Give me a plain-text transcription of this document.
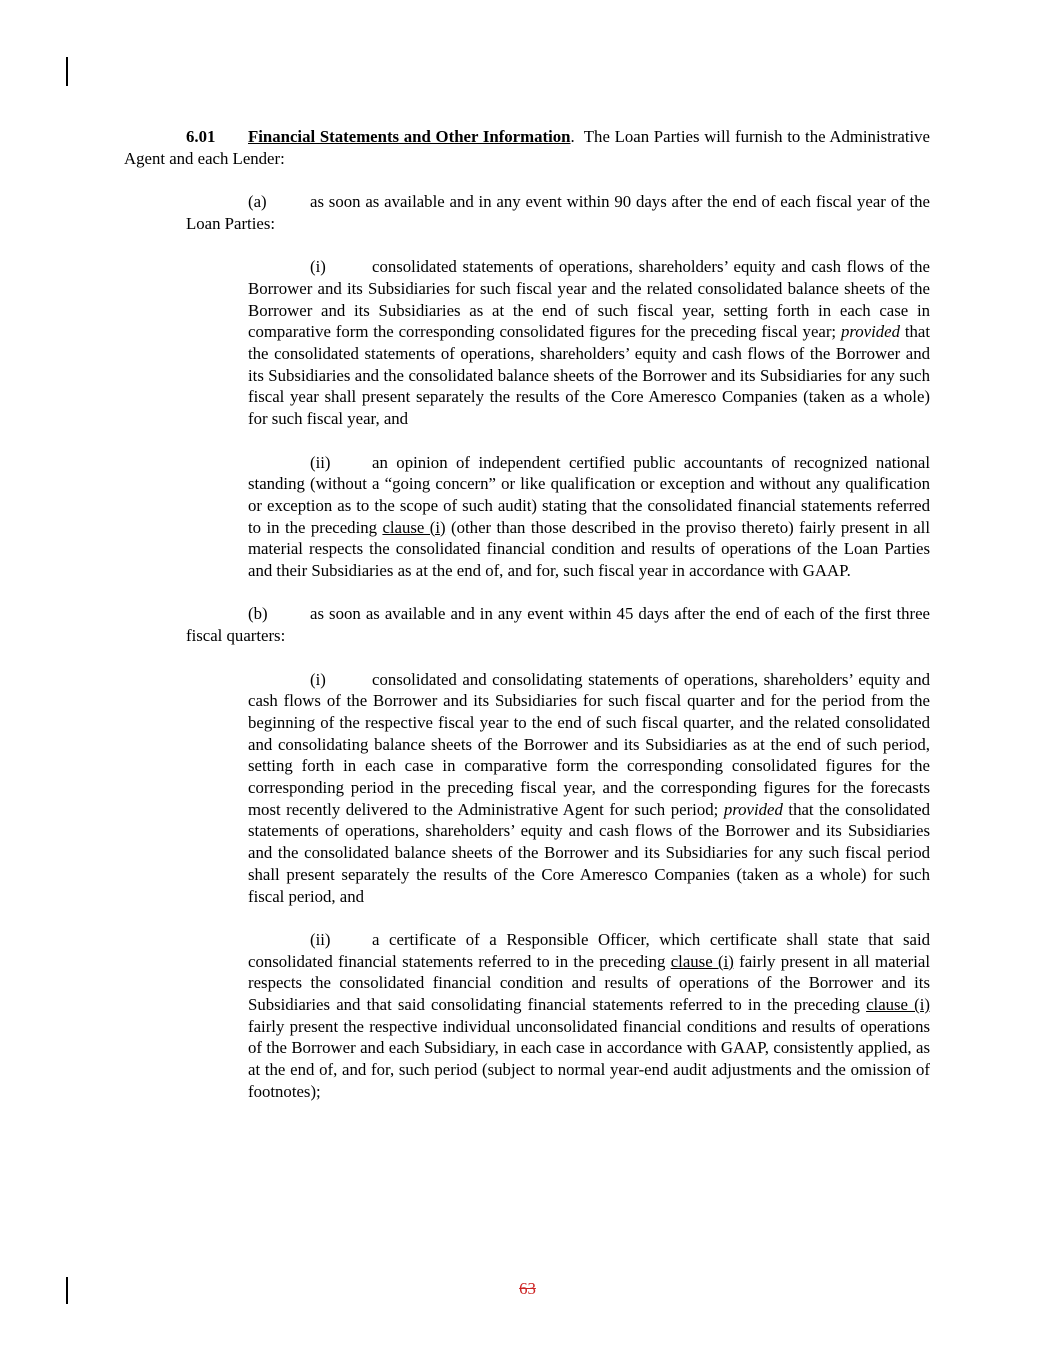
6.01 Financial Statements and Other Information.  The Loan Parties will furnish to the Administrative Agent and each Lender:

(a)	as soon as available and in any event within 90 days after the end of each fiscal year of the Loan Parties:

(i)	consolidated statements of operations, shareholders’ equity and cash flows of the Borrower and its Subsidiaries for such fiscal year and the related consolidated balance sheets of the Borrower and its Subsidiaries as at the end of such fiscal year, setting forth in each case in comparative form the corresponding consolidated figures for the preceding fiscal year; provided that the consolidated statements of operations, shareholders’ equity and cash flows of the Borrower and its Subsidiaries and the consolidated balance sheets of the Borrower and its Subsidiaries for any such fiscal year shall present separately the results of the Core Ameresco Companies (taken as a whole) for such fiscal year, and

(ii) an opinion of independent certified public accountants of recognized national standing (without a “going concern” or like qualification or exception and without any qualification or exception as to the scope of such audit) stating that the consolidated financial statements referred to in the preceding clause (i) (other than those described in the proviso thereto) fairly present in all material respects the consolidated financial condition and results of operations of the Loan Parties and their Subsidiaries as at the end of, and for, such fiscal year in accordance with GAAP.

(b)	as soon as available and in any event within 45 days after the end of each of the first three fiscal quarters:

(i)	consolidated and consolidating statements of operations, shareholders’ equity and cash flows of the Borrower and its Subsidiaries for such fiscal quarter and for the period from the beginning of the respective fiscal year to the end of such fiscal quarter, and the related consolidated and consolidating balance sheets of the Borrower and its Subsidiaries as at the end of such period, setting forth in each case in comparative form the corresponding consolidated figures for the corresponding period in the preceding fiscal year, and the corresponding figures for the forecasts most recently delivered to the Administrative Agent for such period; provided that the consolidated statements of operations, shareholders’ equity and cash flows of the Borrower and its Subsidiaries and the consolidated balance sheets of the Borrower and its Subsidiaries for any such fiscal period shall present separately the results of the Core Ameresco Companies (taken as a whole) for such fiscal period, and

(ii) a certificate of a Responsible Officer, which certificate shall state that said consolidated financial statements referred to in the preceding clause (i) fairly present in all material respects the consolidated financial condition and results of operations of the Borrower and its Subsidiaries and that said consolidating financial statements referred to in the preceding clause (i) fairly present the respective individual unconsolidated financial conditions and results of operations of the Borrower and each Subsidiary, in each case in accordance with GAAP, consistently applied, as at the end of, and for, such period (subject to normal year-end audit adjustments and the omission of footnotes);

63
